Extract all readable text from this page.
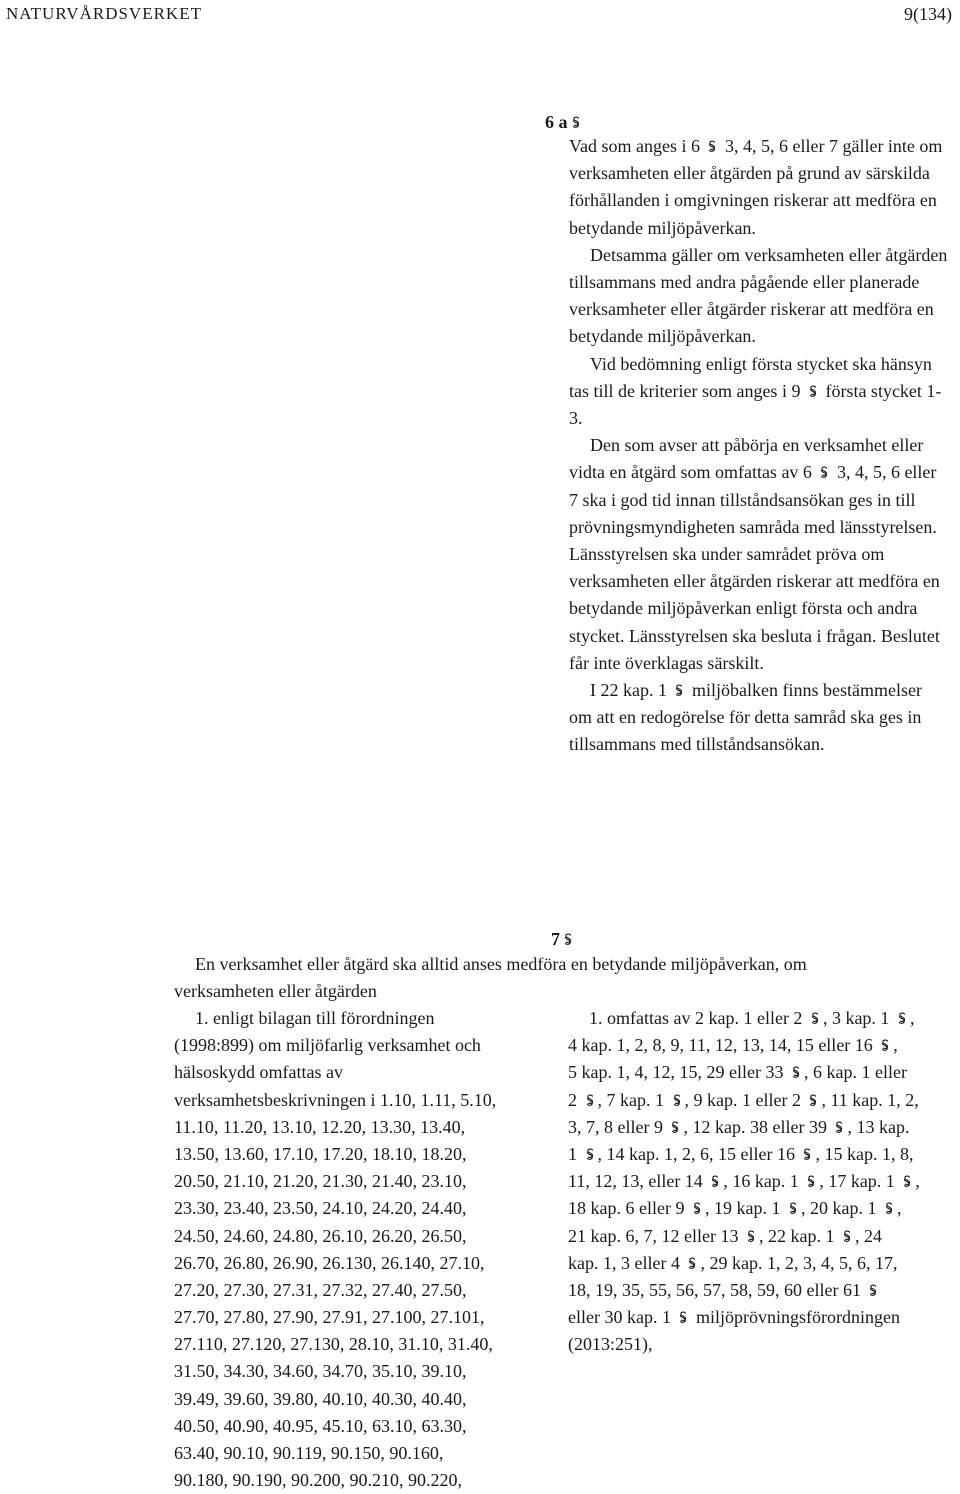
NATURVÅRDSVERKET	9(134)
6 a

Vad som anges i 6
3, 4, 5, 6 eller 7 gäller inte om verksamheten eller åtgärden på grund av särskilda förhållanden i omgivningen riskerar att medföra en betydande miljöpåverkan.

Detsamma gäller om verksamheten eller åtgärden tillsammans med andra pågående eller planerade verksamheter eller åtgärder riskerar att medföra en betydande miljöpåverkan.

Vid bedömning enligt första stycket ska hänsyn tas till de kriterier som anges i 9
första stycket 1-3.

Den som avser att påbörja en verksamhet eller vidta en åtgärd som omfattas av 6
3, 4, 5, 6 eller 7 ska i god tid innan tillståndsansökan ges in till prövningsmyndigheten samråda med länsstyrelsen. Länsstyrelsen ska under samrådet pröva om verksamheten eller åtgärden riskerar att medföra en betydande miljöpåverkan enligt första och andra stycket. Länsstyrelsen ska besluta i frågan. Beslutet får inte överklagas särskilt.

I 22 kap. 1
miljöbalken finns bestämmelser om att en redogörelse för detta samråd ska ges in tillsammans med tillståndsansökan.

7
En verksamhet eller åtgärd ska alltid anses medföra en betydande miljöpåverkan, om
verksamheten eller åtgärden
1. enligt bilagan till förordningen
(1998:899) om miljöfarlig verksamhet och
hälsoskydd omfattas av
verksamhetsbeskrivningen i 1.10, 1.11, 5.10,
11.10, 11.20, 13.10, 12.20, 13.30, 13.40,
13.50, 13.60, 17.10, 17.20, 18.10, 18.20,
20.50, 21.10, 21.20, 21.30, 21.40, 23.10,
23.30, 23.40, 23.50, 24.10, 24.20, 24.40,
24.50, 24.60, 24.80, 26.10, 26.20, 26.50,
26.70, 26.80, 26.90, 26.130, 26.140, 27.10,
27.20, 27.30, 27.31, 27.32, 27.40, 27.50,
27.70, 27.80, 27.90, 27.91, 27.100, 27.101,
27.110, 27.120, 27.130, 28.10, 31.10, 31.40,
31.50, 34.30, 34.60, 34.70, 35.10, 39.10,
39.49, 39.60, 39.80, 40.10, 40.30, 40.40,
40.50, 40.90, 40.95, 45.10, 63.10, 63.30,
63.40, 90.10, 90.119, 90.150, 90.160,
90.180, 90.190, 90.200, 90.210, 90.220,
1. omfattas av 2 kap. 1 eller 2
, 3 kap. 1
,
4 kap. 1, 2, 8, 9, 11, 12, 13, 14, 15 eller 16
,
5 kap. 1, 4, 12, 15, 29 eller 33
, 6 kap. 1 eller
2
, 7 kap. 1
, 9 kap. 1 eller 2
, 11 kap. 1, 2,
3, 7, 8 eller 9
, 12 kap. 38 eller 39
, 13 kap.
1
, 14 kap. 1, 2, 6, 15 eller 16
, 15 kap. 1, 8,
11, 12, 13, eller 14
, 16 kap. 1
, 17 kap. 1
,
18 kap. 6 eller 9
, 19 kap. 1
, 20 kap. 1
,
21 kap. 6, 7, 12 eller 13
, 22 kap. 1
, 24
kap. 1, 3 eller 4
, 29 kap. 1, 2, 3, 4, 5, 6, 17,
18, 19, 35, 55, 56, 57, 58, 59, 60 eller 61
eller 30 kap. 1
miljöprövningsförordningen
(2013:251),
